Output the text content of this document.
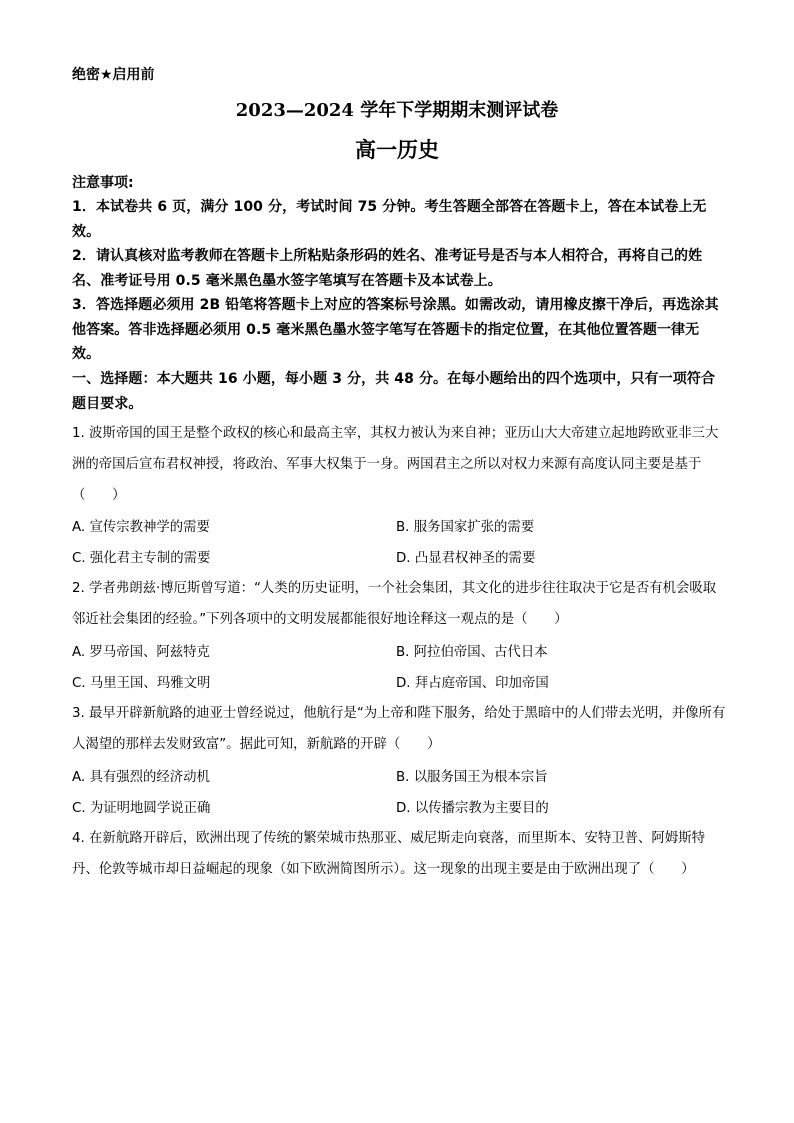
绝密★启用前
2023—2024 学年下学期期末测评试卷
高一历史
注意事项:
1．本试卷共 6 页，满分 100 分，考试时间 75 分钟。考生答题全部答在答题卡上，答在本试卷上无效。
2．请认真核对监考教师在答题卡上所粘贴条形码的姓名、准考证号是否与本人相符合，再将自己的姓名、准考证号用 0.5 毫米黑色墨水签字笔填写在答题卡及本试卷上。
3．答选择题必须用 2B 铅笔将答题卡上对应的答案标号涂黑。如需改动，请用橡皮擦干净后，再选涂其他答案。答非选择题必须用 0.5 毫米黑色墨水签字笔写在答题卡的指定位置，在其他位置答题一律无效。
一、选择题：本大题共 16 小题，每小题 3 分，共 48 分。在每小题给出的四个选项中，只有一项符合题目要求。
1. 波斯帝国的国王是整个政权的核心和最高主宰，其权力被认为来自神；亚历山大大帝建立起地跨欧亚非三大洲的帝国后宣布君权神授，将政治、军事大权集于一身。两国君主之所以对权力来源有高度认同主要是基于（　　）
A. 宣传宗教神学的需要	B. 服务国家扩张的需要
C. 强化君主专制的需要	D. 凸显君权神圣的需要
2. 学者弗朗兹·博厄斯曾写道：“人类的历史证明，一个社会集团，其文化的进步往往取决于它是否有机会吸取邻近社会集团的经验。”下列各项中的文明发展都能很好地诠释这一观点的是（　　）
A. 罗马帝国、阿兹特克	B. 阿拉伯帝国、古代日本
C. 马里王国、玛雅文明	D. 拜占庭帝国、印加帝国
3. 最早开辟新航路的迪亚士曾经说过，他航行是“为上帝和陛下服务，给处于黑暗中的人们带去光明，并像所有人渴望的那样去发财致富”。据此可知，新航路的开辟（　　）
A. 具有强烈的经济动机	B. 以服务国王为根本宗旨
C. 为证明地圆学说正确	D. 以传播宗教为主要目的
4. 在新航路开辟后，欧洲出现了传统的繁荣城市热那亚、威尼斯走向衰落，而里斯本、安特卫普、阿姆斯特丹、伦敦等城市却日益崛起的现象（如下欧洲简图所示）。这一现象的出现主要是由于欧洲出现了（　　）
